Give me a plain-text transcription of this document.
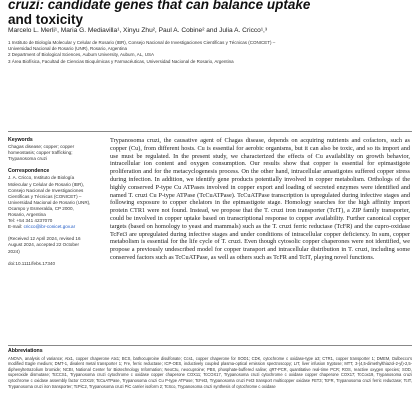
cruzi: candidate genes that can balance uptake
and toxicity
Marcelo L. Merli¹, Maria G. Mediavilla¹, Xinyu Zhu², Paul A. Cobine² and Julia A. Cricco¹,³
1 Instituto de Biología Molecular y Celular de Rosario (IBR), Consejo Nacional de Investigaciones Científicas y Técnicas (CONICET) –
Universidad Nacional de Rosario (UNR), Rosario, Argentina
2 Department of Biological Sciences, Auburn University, Auburn, AL, USA
3 Área Biofísica, Facultad de Ciencias Bioquímicas y Farmacéuticas, Universidad Nacional de Rosario, Argentina
Keywords

Chagas disease; copper; copper homeostasis; copper trafficking; Trypanosoma cruzi

Correspondence

J. A. Cricco, Instituto de Biología Molecular y Celular de Rosario (IBR), Consejo Nacional de Investigaciones Científicas y Técnicas (CONICET) – Universidad Nacional de Rosario (UNR), Ocampo y Esmeralda, CP 2000, Rosario, Argentina

Tel: +54 341 4237070

E-mail: cricco@ibr-conicet.gov.ar

(Received 12 April 2024, revised 16 August 2024, accepted 22 October 2024)

doi:10.1111/febs.17340

Trypanosoma cruzi, the causative agent of Chagas disease, depends on acquiring nutrients and cofactors, such as copper (Cu), from different hosts. Cu is essential for aerobic organisms, but it can also be toxic, and so its import and use must be regulated. In the present study, we characterized the effects of Cu availability on growth behavior, intracellular ion content and oxygen consumption. Our results show that copper is essential for epimastigote proliferation and for the metacyclogenesis process. On the other hand, intracellular amastigotes suffered copper stress during infection. In addition, we identify gene products potentially involved in copper metabolism. Orthologs of the highly conserved P-type Cu ATPases involved in copper export and loading of secreted enzymes were identified and named T. cruzi Cu P-type ATPase (TcCuATPase). TcCuATPase transcription is upregulated during infective stages and following exposure to copper chelators in the epimastigote stage. Homology searches for the high affinity import protein CTR1 were not found. Instead, we propose that the T. cruzi iron transporter (TcIT), a ZIP family transporter, could be involved in copper uptake based on transcriptional response to copper availability. Further canonical copper targets (based on homology to yeast and mammals) such as the T. cruzi ferric reductase (TcFR) and the cupro-oxidase TcFet3 are upregulated during infective stages and under conditions of intracellular copper deficiency. In sum, copper metabolism is essential for the life cycle of T. cruzi. Even though cytosolic copper chaperones were not identified, we propose a previously undescribed model for copper transport and intracellular distribution in T. cruzi, including some conserved factors such as TcCuATPase, as well as others such as TcFR and TcIT, playing novel functions.

Abbreviations

ANOVA, analysis of variance; Atx1, copper chaperone Atx1; BCS, bathocuproine disulfonate; Ccs1, copper chaperone for SOD1; CDK, cytochrome c oxidase-type a3; CTR1, copper transporter 1; DMEM, Dulbecco's modified Eagle medium; DMT-1, divalent metal transporter 1; Fre, ferric reductase; ICP-OES, inductively coupled plasma-optical emission spectroscopy; LIT, liver infusion tryptose; MTT, 3-(4,5-dimethylthiazol-2-yl)-2,5-diphenyltetrazolium bromide; NCBI, National Center for Biotechnology Information; NeoCtu, neocuproine; PBS, phosphate-buffered saline; qRT-PCR, quantitative real-time PCR; ROS, reactive oxygen species; SOD, superoxide dismutase; TcCCS1, Trypanosoma cruzi cytochrome c oxidase copper chaperone COX11; TcCOX17, Trypanosoma cruzi cytochrome c oxidase copper chaperone COX17; TcCox19, Trypanosoma cruzi cytochrome c oxidase assembly factor COX19; TcCuATPase, Trypanosoma cruzi Cu P-type ATPase; TcFet3, Trypanosoma cruzi Fet3 transport multicopper oxidase FET3; TcFR, Trypanosoma cruzi ferric reductase; TcIT, Trypanosoma cruzi iron transporter; TcPiC2, Trypanosoma cruzi PiC carrier isoform 2; TcSco, Trypanosoma cruzi synthesis of cytochrome c oxidase
